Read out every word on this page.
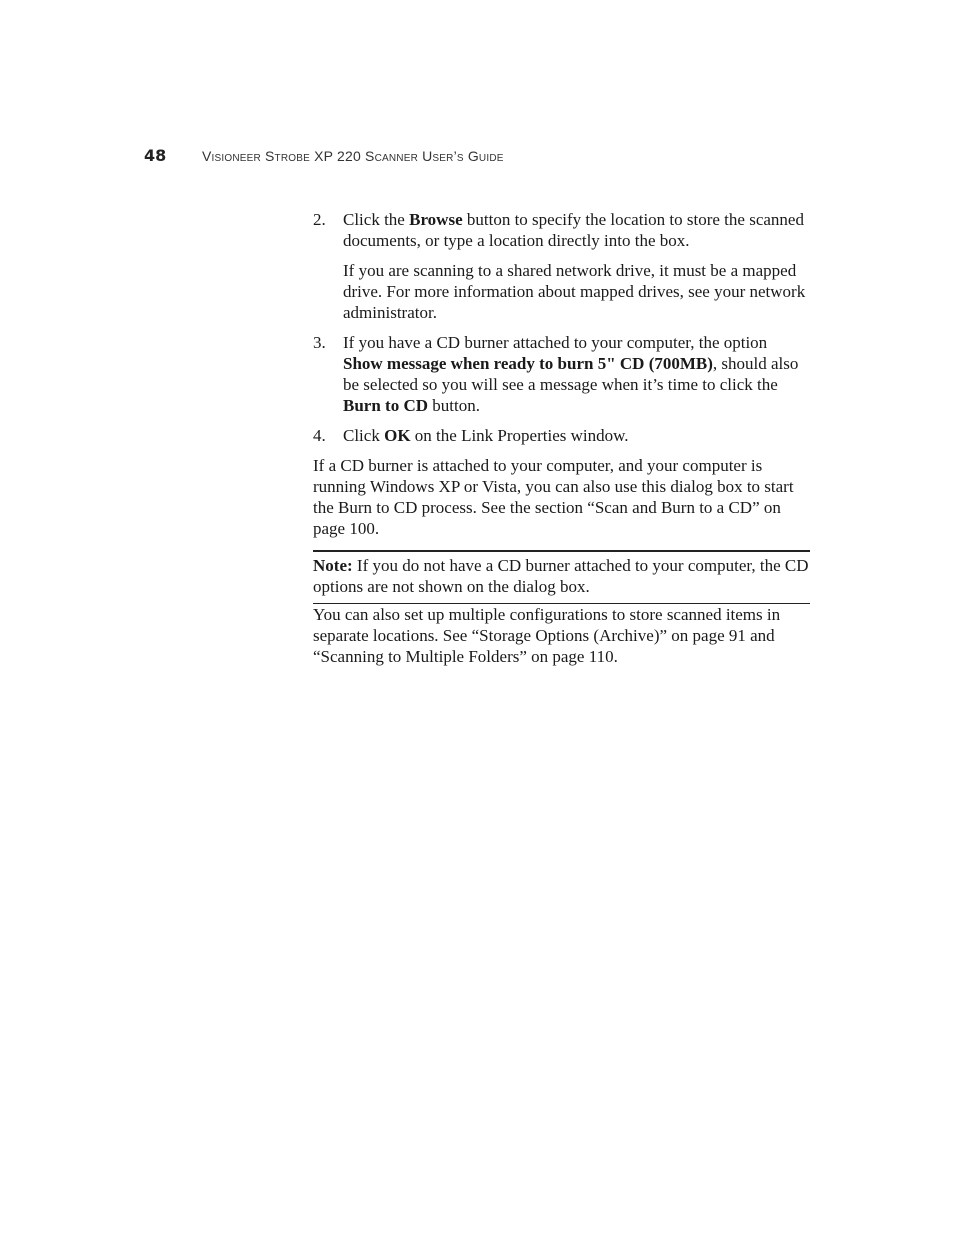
48	Visioneer Strobe XP 220 Scanner User’s Guide
2. Click the Browse button to specify the location to store the scanned documents, or type a location directly into the box.

If you are scanning to a shared network drive, it must be a mapped drive. For more information about mapped drives, see your network administrator.

3. If you have a CD burner attached to your computer, the option Show message when ready to burn 5" CD (700MB), should also be selected so you will see a message when it’s time to click the Burn to CD button.

4. Click OK on the Link Properties window.

If a CD burner is attached to your computer, and your computer is running Windows XP or Vista, you can also use this dialog box to start the Burn to CD process. See the section “Scan and Burn to a CD” on page 100.

Note: If you do not have a CD burner attached to your computer, the CD options are not shown on the dialog box.

You can also set up multiple configurations to store scanned items in separate locations. See “Storage Options (Archive)” on page 91 and “Scanning to Multiple Folders” on page 110.
